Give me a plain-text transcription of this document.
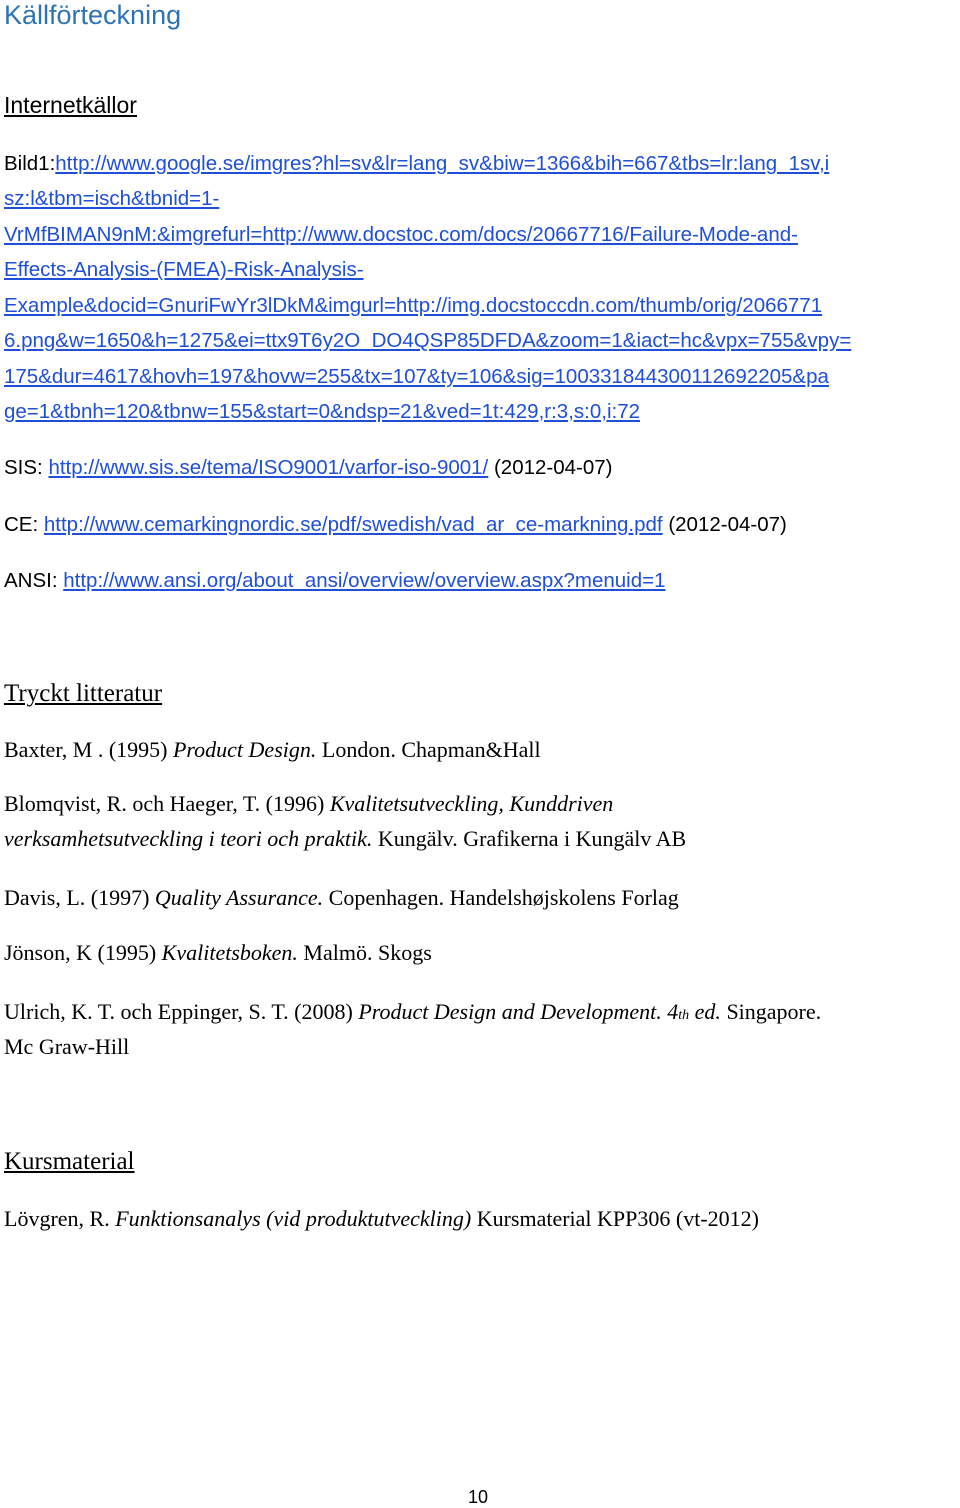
Källförteckning
Internetkällor
Bild1:http://www.google.se/imgres?hl=sv&lr=lang_sv&biw=1366&bih=667&tbs=lr:lang_1sv,i
sz:l&tbm=isch&tbnid=1-
VrMfBIMAN9nM:&imgrefurl=http://www.docstoc.com/docs/20667716/Failure-Mode-and-
Effects-Analysis-(FMEA)-Risk-Analysis-
Example&docid=GnuriFwYr3lDkM&imgurl=http://img.docstoccdn.com/thumb/orig/2066771
6.png&w=1650&h=1275&ei=ttx9T6y2O_DO4QSP85DFDA&zoom=1&iact=hc&vpx=755&vpy=
175&dur=4617&hovh=197&hovw=255&tx=107&ty=106&sig=100331844300112692205&pa
ge=1&tbnh=120&tbnw=155&start=0&ndsp=21&ved=1t:429,r:3,s:0,i:72
SIS: http://www.sis.se/tema/ISO9001/varfor-iso-9001/ (2012-04-07)
CE: http://www.cemarkingnordic.se/pdf/swedish/vad_ar_ce-markning.pdf (2012-04-07)
ANSI: http://www.ansi.org/about_ansi/overview/overview.aspx?menuid=1
Tryckt litteratur
Baxter, M . (1995) Product Design. London. Chapman&Hall
Blomqvist, R. och Haeger, T. (1996) Kvalitetsutveckling, Kunddriven
verksamhetsutveckling i teori och praktik. Kungälv. Grafikerna i Kungälv AB
Davis, L. (1997) Quality Assurance. Copenhagen. Handelshøjskolens Forlag
Jönson, K (1995) Kvalitetsboken. Malmö. Skogs
Ulrich, K. T. och Eppinger, S. T. (2008) Product Design and Development. 4th ed. Singapore.
Mc Graw-Hill
Kursmaterial
Lövgren, R. Funktionsanalys (vid produktutveckling) Kursmaterial KPP306 (vt-2012)
10
